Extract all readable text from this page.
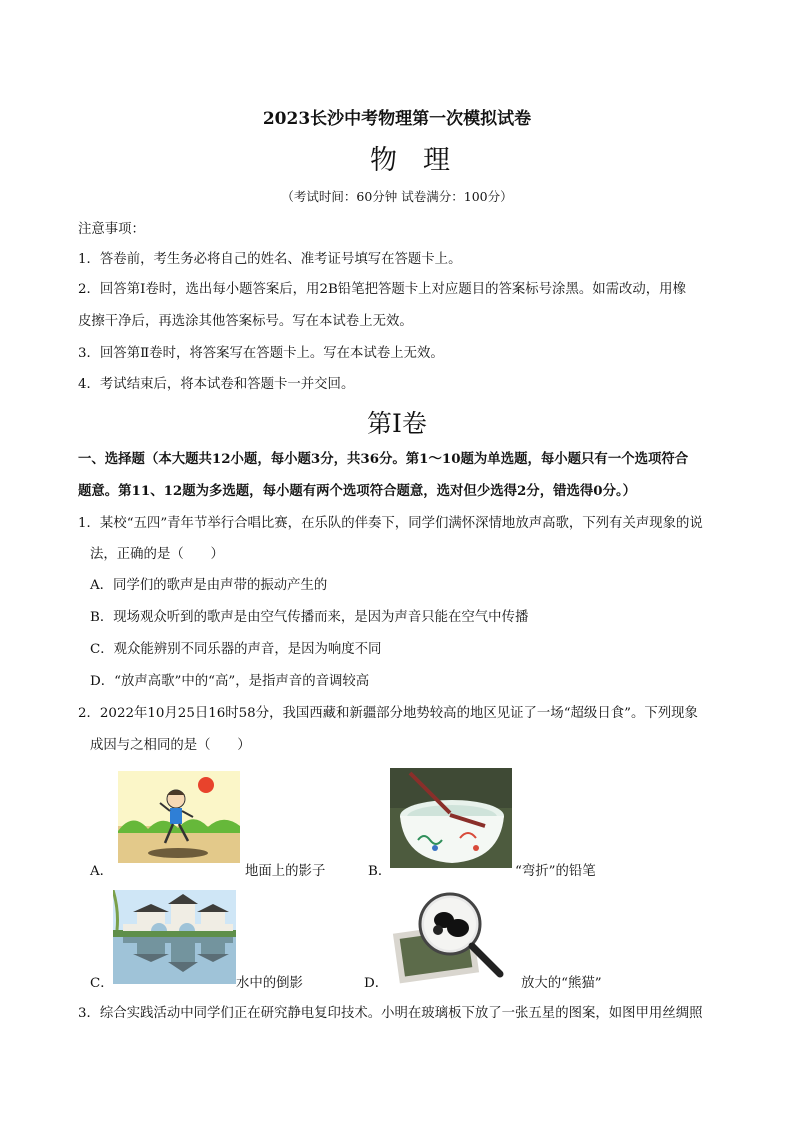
2023长沙中考物理第一次模拟试卷
物理
（考试时间：60分钟 试卷满分：100分）
注意事项：
1．答卷前，考生务必将自己的姓名、准考证号填写在答题卡上。
2．回答第Ⅰ卷时，选出每小题答案后，用2B铅笔把答题卡上对应题目的答案标号涂黑。如需改动，用橡
皮擦干净后，再选涂其他答案标号。写在本试卷上无效。
3．回答第Ⅱ卷时，将答案写在答题卡上。写在本试卷上无效。
4．考试结束后，将本试卷和答题卡一并交回。
第Ⅰ卷
一、选择题（本大题共12小题，每小题3分，共36分。第1～10题为单选题，每小题只有一个选项符合
题意。第11、12题为多选题，每小题有两个选项符合题意，选对但少选得2分，错选得0分。）
1．某校“五四”青年节举行合唱比赛，在乐队的伴奏下，同学们满怀深情地放声高歌，下列有关声现象的说
法，正确的是（　　）
A．同学们的歌声是由声带的振动产生的
B．现场观众听到的歌声是由空气传播而来，是因为声音只能在空气中传播
C．观众能辨别不同乐器的声音，是因为响度不同
D．“放声高歌”中的“高”，是指声音的音调较高
2．2022年10月25日16时58分，我国西藏和新疆部分地势较高的地区见证了一场“超级日食”。下列现象
成因与之相同的是（　　）
A．	地面上的影子	B．	“弯折”的铅笔
C．	水中的倒影	D．	放大的“熊猫”
3．综合实践活动中同学们正在研究静电复印技术。小明在玻璃板下放了一张五星的图案，如图甲用丝绸照
